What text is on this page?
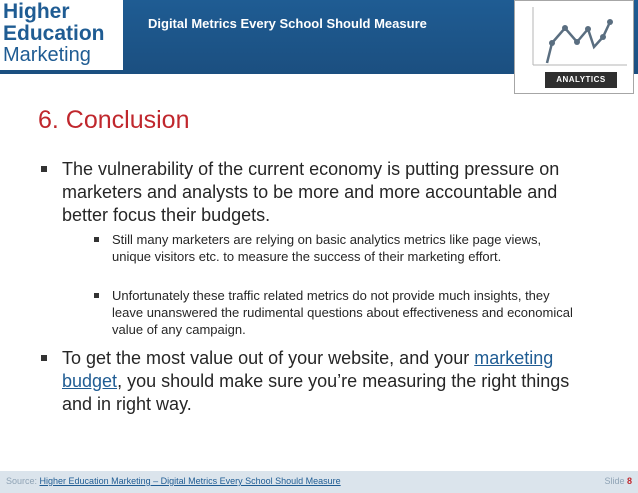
Higher
Education
Marketing
Digital Metrics Every School Should Measure
ANALYTICS
6. Conclusion
The vulnerability of the current economy is putting pressure on marketers and analysts to be more and more accountable and better focus their budgets.
Still many marketers are relying on basic analytics metrics like page views, unique visitors etc. to measure the success of their marketing effort.
Unfortunately these traffic related metrics do not provide much insights, they leave unanswered the rudimental questions about effectiveness and economical value of any campaign.
To get the most value out of your website, and your marketing budget, you should make sure you’re measuring the right things and in right way.
Source: Higher Education Marketing – Digital Metrics Every School Should Measure	Slide 8
